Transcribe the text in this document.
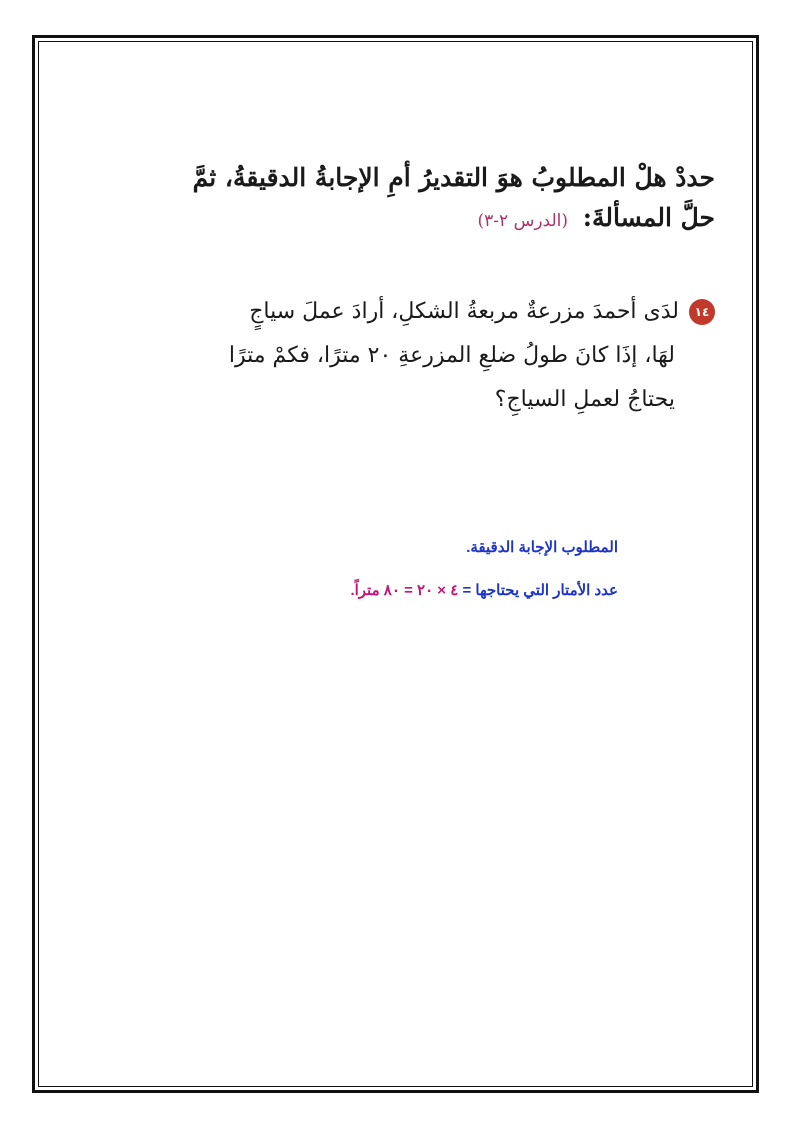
حددْ هلْ المطلوبُ هوَ التقديرُ أمِ الإجابةُ الدقيقةُ، ثمَّ
حلَّ المسألةَ: (الدرس ٢-٣)
١٤لدَى أحمدَ مزرعةٌ مربعةُ الشكلِ، أرادَ عملَ سياجٍ
لهَا، إذَا كانَ طولُ ضلعِ المزرعةِ ٢٠ مترًا، فكمْ مترًا
يحتاجُ لعملِ السياجِ؟
المطلوب الإجابة الدقيقة.
عدد الأمتار التي يحتاجها = ٤ × ٢٠ = ٨٠ متراً.
